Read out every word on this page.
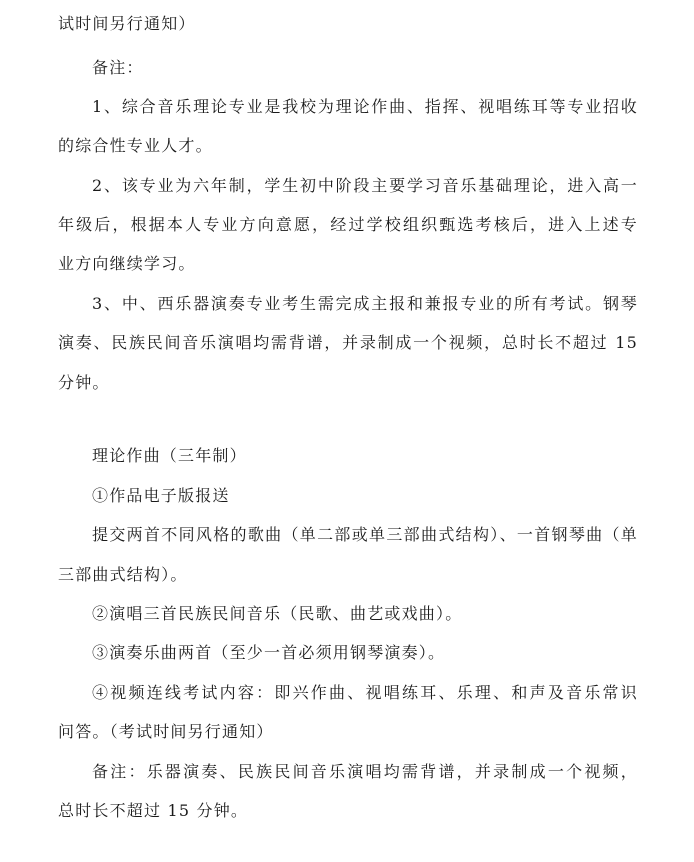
试时间另行通知）
备注：
1、综合音乐理论专业是我校为理论作曲、指挥、视唱练耳等专业招收
的综合性专业人才。
2、该专业为六年制，学生初中阶段主要学习音乐基础理论，进入高一
年级后，根据本人专业方向意愿，经过学校组织甄选考核后，进入上述专
业方向继续学习。
3、中、西乐器演奏专业考生需完成主报和兼报专业的所有考试。钢琴
演奏、民族民间音乐演唱均需背谱，并录制成一个视频，总时长不超过 15
分钟。
理论作曲（三年制）
①作品电子版报送
提交两首不同风格的歌曲（单二部或单三部曲式结构）、一首钢琴曲（单
三部曲式结构）。
②演唱三首民族民间音乐（民歌、曲艺或戏曲）。
③演奏乐曲两首（至少一首必须用钢琴演奏）。
④视频连线考试内容：即兴作曲、视唱练耳、乐理、和声及音乐常识
问答。（考试时间另行通知）
备注：乐器演奏、民族民间音乐演唱均需背谱，并录制成一个视频，
总时长不超过 15 分钟。
